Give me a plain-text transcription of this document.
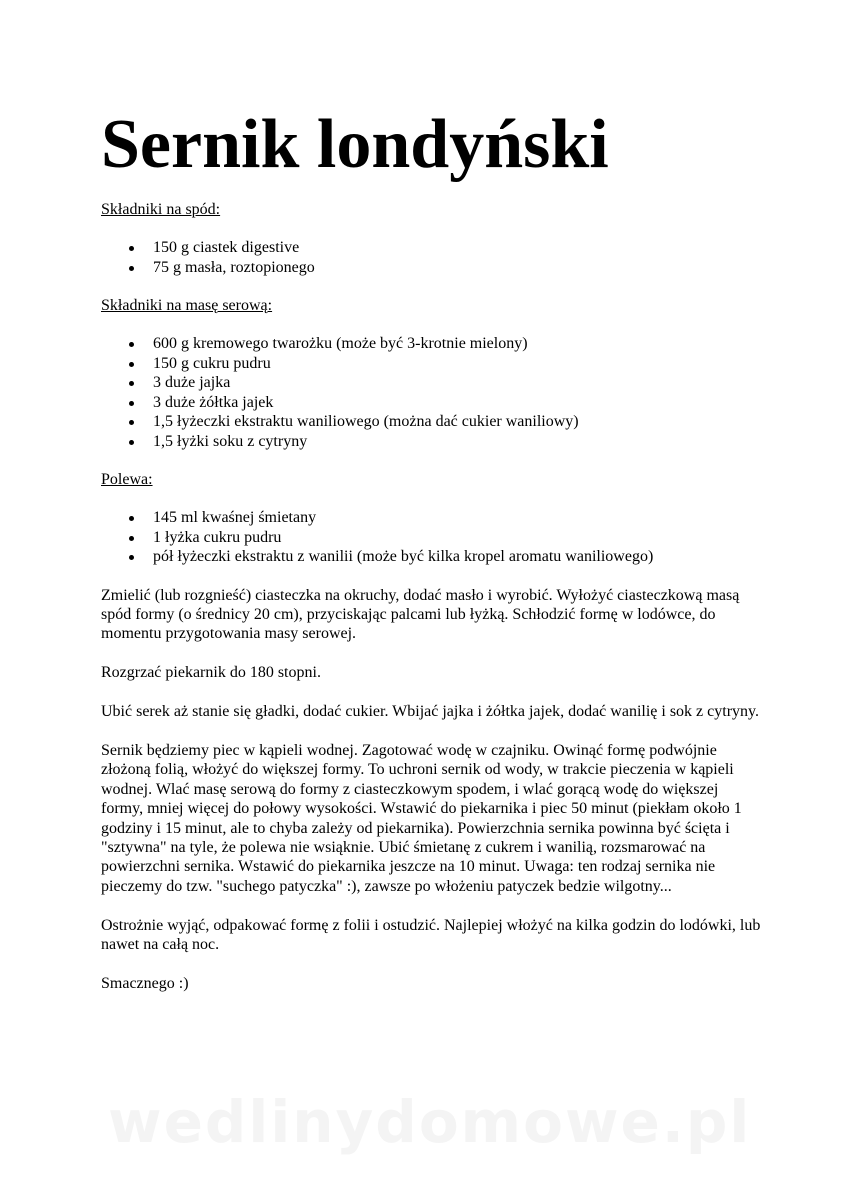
Sernik londyński
Składniki na spód:
150 g ciastek digestive
75 g masła, roztopionego
Składniki na masę serową:
600 g kremowego twarożku (może być 3-krotnie mielony)
150 g cukru pudru
3 duże jajka
3 duże żółtka jajek
1,5 łyżeczki ekstraktu waniliowego (można dać cukier waniliowy)
1,5 łyżki soku z cytryny
Polewa:
145 ml kwaśnej śmietany
1 łyżka cukru pudru
pół łyżeczki ekstraktu z wanilii (może być kilka kropel aromatu waniliowego)

Zmielić (lub rozgnieść) ciasteczka na okruchy, dodać masło i wyrobić. Wyłożyć ciasteczkową masą spód formy (o średnicy 20 cm), przyciskając palcami lub łyżką. Schłodzić formę w lodówce, do momentu przygotowania masy serowej.

Rozgrzać piekarnik do 180 stopni.

Ubić serek aż stanie się gładki, dodać cukier. Wbijać jajka i żółtka jajek, dodać wanilię i sok z cytryny.

Sernik będziemy piec w kąpieli wodnej. Zagotować wodę w czajniku. Owinąć formę podwójnie złożoną folią, włożyć do większej formy. To uchroni sernik od wody, w trakcie pieczenia w kąpieli wodnej. Wlać masę serową do formy z ciasteczkowym spodem, i wlać gorącą wodę do większej formy, mniej więcej do połowy wysokości. Wstawić do piekarnika i piec 50 minut (piekłam około 1 godziny i 15 minut, ale to chyba zależy od piekarnika). Powierzchnia sernika powinna być ścięta i "sztywna" na tyle, że polewa nie wsiąknie. Ubić śmietanę z cukrem i wanilią, rozsmarować na powierzchni sernika. Wstawić do piekarnika jeszcze na 10 minut. Uwaga: ten rodzaj sernika nie pieczemy do tzw. "suchego patyczka" :), zawsze po włożeniu patyczek bedzie wilgotny...

Ostrożnie wyjąć, odpakować formę z folii i ostudzić. Najlepiej włożyć na kilka godzin do lodówki, lub nawet na całą noc.

Smacznego :)

wedlinydomowe.pl
